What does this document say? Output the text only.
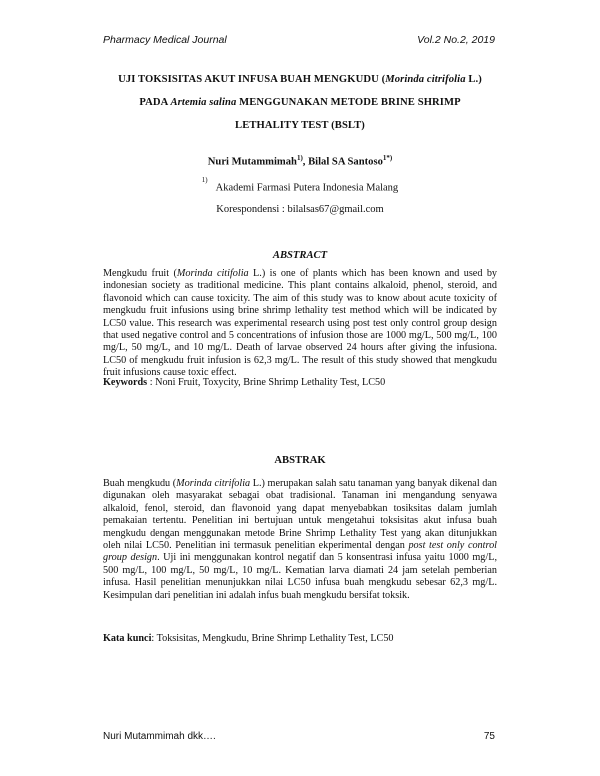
Pharmacy Medical Journal	Vol.2 No.2, 2019
UJI TOKSISITAS AKUT INFUSA BUAH MENGKUDU (Morinda citrifolia L.)
PADA Artemia salina MENGGUNAKAN METODE BRINE SHRIMP
LETHALITY TEST (BSLT)
Nuri Mutammimah$^{1)}$, Bilal SA Santoso$^{1*)}$
$^{1)}$Akademi Farmasi Putera Indonesia Malang
Korespondensi : bilalsas67@gmail.com
ABSTRACT

Mengkudu fruit (Morinda citifolia L.) is one of plants which has been known and used by indonesian society as traditional medicine. This plant contains alkaloid, phenol, steroid, and flavonoid which can cause toxicity. The aim of this study was to know about acute toxicity of mengkudu fruit infusions using brine shrimp lethality test method which will be indicated by LC50 value. This research was experimental research using post test only control group design that used negative control and 5 concentrations of infusion those are 1000 mg/L, 500 mg/L, 100 mg/L, 50 mg/L, and 10 mg/L. Death of larvae observed 24 hours after giving the infusiona. LC50 of mengkudu fruit infusion is 62,3 mg/L. The result of this study showed that mengkudu fruit infusions cause toxic effect.

Keywords : Noni Fruit, Toxycity, Brine Shrimp Lethality Test, LC50

ABSTRAK

Buah mengkudu (Morinda citrifolia L.) merupakan salah satu tanaman yang banyak dikenal dan digunakan oleh masyarakat sebagai obat tradisional. Tanaman ini mengandung senyawa alkaloid, fenol, steroid, dan flavonoid yang dapat menyebabkan tosiksitas dalam jumlah pemakaian tertentu. Penelitian ini bertujuan untuk mengetahui toksisitas akut infusa buah mengkudu dengan menggunakan metode Brine Shrimp Lethality Test yang akan ditunjukkan oleh nilai LC50. Penelitian ini termasuk penelitian ekperimental dengan post test only control group design. Uji ini menggunakan kontrol negatif dan 5 konsentrasi infusa yaitu 1000 mg/L, 500 mg/L, 100 mg/L, 50 mg/L, 10 mg/L. Kematian larva diamati 24 jam setelah pemberian infusa. Hasil penelitian menunjukkan nilai LC50 infusa buah mengkudu sebesar 62,3 mg/L. Kesimpulan dari penelitian ini adalah infus buah mengkudu bersifat toksik.

Kata kunci: Toksisitas, Mengkudu, Brine Shrimp Lethality Test, LC50

Nuri Mutammimah dkk….	75
